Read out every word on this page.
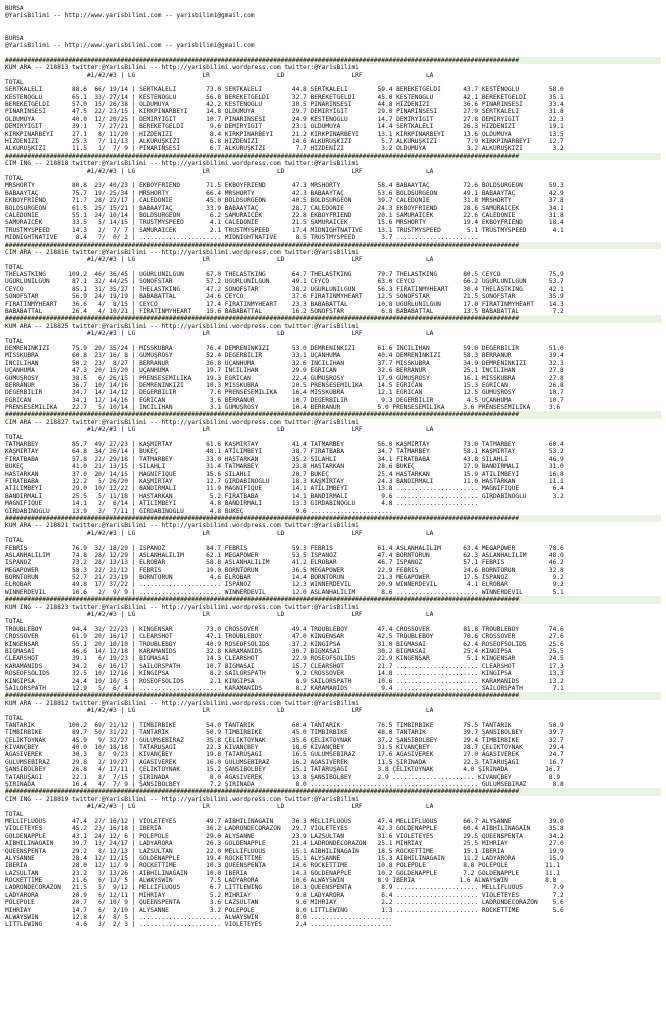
BURSA
@YarisBilimi -- http://www.yarisbilimi.com -- yarisbilimi@gmail.com
BURSA
@YarisBilimi -- http://www.yarisbilimi.com -- yarisbilimi@gmail.com
##########################################################################################################################################
KUM ARA -- 218813 twitter:@YarisBilimi -- http://yarisbilimi.wordpress.com twitter:@YarisBilimi
#1/#2/#3 | LG                  LR                  LD                  LRF                 LA
TOTAL
SERTKALELI        88.6  66/ 19/14 | SERTKALELI        73.0 SERTKALELI        44.8 SERTKALELI        59.4 BEREKETGELDI      43.7 KESTENOĞLU        58.0
KESTENOĞLU        65.1  33/ 27/14 | KESTENOĞLU        56.8 BEREKETGELDI      32.7 BEREKETGELDI      45.0 KESTENOĞLU        42.1 BEREKETGELDI      35.1
BEREKETGELDI      57.0  15/ 26/38 | OLDUMUYA          42.2 KESTENOĞLU        30.5 PINARINSESI       44.8 HIZDENİZİ         36.6 PINARINSESI       33.4
PINARINSESI       47.5  22/ 23/15 | KIRKPINARBEYI     14.8 OLDUMUYA          29.7 DEMIRYİĞİT        29.0 PINARINSESI       27.9 SERTKALELI        31.8
OLDUMUYA          40.0  12/ 20/25 | DEMIRYİĞİT        10.7 PINARINSESI       24.9 KESTENOĞLU        14.7 DEMIRYİĞİT        27.8 DEMIRYİĞİT        22.3
DEMIRYİĞİT        39.1   7/ 27/21 | BEREKETGELDI       9.6 DEMIRYİĞİT        23.1 OLDUMUYA          14.4 SERTKALELI        26.3 HIZDENİZİ         19.1
KIRKPINARBEYI     27.1   8/ 11/20 | HIZDENİZİ          8.4 KIRKPINARBEYI     21.2 KIRKPINARBEYI     13.1 KIRKPINARBEYI     13.6 OLDUMUYA          13.5
HIZDENİZİ         25.3   7/ 11/13 | ALKURUŞKIZI        6.8 HIZDENİZİ         14.6 ALKURUŞKIZI        5.7 ALKURUŞKIZI        7.9 KIRKPINARBEYI     12.7
ALKURUŞKIZI       11.5   1/  7/ 9 | PINARINSESI        6.7 ALKURUŞKIZI        7.7 HIZDENİZİ          3.2 OLDUMUYA           3.2 ALKURUŞKIZI        3.2
##########################################################################################################################################
CIM ING -- 218818 twitter:@YarisBilimi -- http://yarisbilimi.wordpress.com twitter:@YarisBilimi
#1/#2/#3 | LG                  LR                  LD                  LRF                 LA
TOTAL
MRSHORTY          80.8  23/ 40/23 | EKBOYFRIEND       71.5 EKBOYFRIEND       47.3 MRSHORTY          58.4 BABAAYTAÇ         72.6 BOLDSURGEON       59.3
BABAAYTAÇ         75.7  19/ 25/34 | MRSHORTY          66.4 MRSHORTY          42.3 BABAAYTAÇ         53.6 BOLDSURGEON       49.1 BABAAYTAÇ         42.9
EKBOYFRIEND       71.7  28/ 22/17 | CALEDONIE         45.0 BOLDSURGEON       40.5 BOLDSURGEON       39.7 CALEDONIE         31.8 MRSHORTY          37.8
BOLDSURGEON       61.5  25/ 15/21 | BABAAYTAÇ         33.9 BABAAYTAÇ         28.7 CALEDONIE         24.3 EKBOYFRIEND       28.6 SAMURAICEK        34.1
CALEDONIE         55.1  24/ 10/14 | BOLDSURGEON        6.2 SAMURAICEK        22.8 EKBOYFRIEND       20.1 SAMURAICEK        22.6 CALEDONIE         31.8
SAMURAICEK        33.5   5/ 14/15 | TRUSTMYSPEED       4.1 CALEDONIE         21.5 SAMURAICEK        15.6 MRSHORTY          19.4 EKBOYFRIEND       18.4
TRUSTMYSPEED      14.3   2/  7/ 7 | SAMURAICEK         2.1 TRUSTMYSPEED      17.4 MIDNIGHTNATIVE    13.1 TRUSTMYSPEED       5.1 TRUSTMYSPEED       4.1
MIDNIGHTNATIVE     8.4   7/  0/ 2 | ...................... MIDNIGHTNATIVE     8.5 TRUSTMYSPEED       3.7 ......................
##########################################################################################################################################
CIM ARA -- 218816 twitter:@YarisBilimi -- http://yarisbilimi.wordpress.com twitter:@YarisBilimi
#1/#2/#3 | LG                  LR                  LD                  LRF                 LA
TOTAL
THELASTKING      109.2  46/ 36/45 | UĞURLUNILGÜN      67.0 THELASTKING       64.7 THELASTKING       79.7 THELASTKING       80.5 CEYCO             75.9
UĞURLUNILGÜN      87.1  32/ 44/25 | SONOFSTAR         57.2 UĞURLUNILGÜN      49.1 CEYCO             63.0 CEYCO             66.2 UĞURLUNILGÜN      53.7
CEYCO             85.1  31/ 35/27 | THELASTKING       47.2 SONOFSTAR         38.2 UĞURLUNILGÜN      56.3 FIRATINMYHEART    30.4 THELASTKING       42.1
SONOFSTAR         56.9  24/ 19/19 | BABABATTAL        24.6 CEYCO             37.6 FIRATINMYHEART    12.5 SONOFSTAR         21.5 SONOFSTAR         35.9
FIRATINMYHEART    36.6   4/  8/15 | CEYCO             17.4 FIRATINMYHEART    23.3 BABABATTAL        10.8 UĞURLUNILGÜN      17.0 FIRATINMYHEART    14.3
BABABATTAL        26.4   4/ 10/21 | FIRATINMYHEART    15.6 BABABATTAL        16.2 SONOFSTAR          6.8 BABABATTAL        13.5 BABABATTAL         7.2
##########################################################################################################################################
KUM ARA -- 218825 twitter:@YarisBilimi -- http://yarisbilimi.wordpress.com twitter:@YarisBilimi
#1/#2/#3 | LG                  LR                  LD                  LRF                 LA
TOTAL
DEMRENINKIZI      75.9  29/ 35/24 | MISSKÜBRA         76.4 DEMRENINKIZI      53.0 DEMRENINKIZI      61.6 İNCILIHAN         59.0 DEĞERBILIR        51.0
MISSKÜBRA         60.8  23/ 16/ 8 | GÜMÜŞROSY         52.4 DEĞERBILIR        33.1 UÇANHÜMA          40.4 DEMRENINKIZI      58.3 BERRANUR          39.4
İNCILIHAN         50.2  23/  8/27 | BERRANUR          36.8 UÇANHÜMA          32.6 İNCILIHAN         37.7 MISSKÜBRA         34.9 DEMRENINKIZI      32.3
UÇANHÜMA          47.3  20/ 15/20 | UÇANHÜMA          19.7 İNCILIHAN         29.9 EĞRICAN           32.6 BERRANUR          25.1 İNCILIHAN         27.8
GÜMÜŞROSY         38.5   6/ 26/15 | PRENSESEMILIKA    19.3 EĞRICAN           22.4 GÜMÜŞROSY         17.9 GÜMÜŞROSY         16.1 MISSKÜBRA         27.8
BERRANUR          36.7  10/ 14/16 | DEMRENINKIZI      10.3 MISSKÜBRA         20.5 PRENSESEMILIKA    14.5 EĞRICAN           15.3 EĞRICAN           26.8
DEĞERBILIR        34.7  14/ 14/12 | DEĞERBILIR         7.6 PRENSESEMILIKA    16.4 MISSKÜBRA         12.1 EĞRICAN           12.5 GÜMÜŞROSY         10.7
EĞRICAN           34.1  12/ 14/16 | EĞRICAN            3.6 BERRANUR          10.7 DEĞERBILIR         9.3 DEĞERBILIR         4.5 UÇANHÜMA          10.7
PRENSESEMILIKA    22.7   5/ 10/14 | İNCILIHAN          3.1 GÜMÜŞROSY         10.4 BERRANUR          5.0 PRENSESEMILIKA     3.6 PRENSESEMILIKA     3.6
##########################################################################################################################################
CIM ARA -- 218827 twitter:@YarisBilimi -- http://yarisbilimi.wordpress.com twitter:@YarisBilimi
#1/#2/#3 | LG                  LR                  LD                  LRF                 LA
TOTAL
TATMARBEY         85.7  49/ 27/23 | KAŞMIRTAY         61.6 KAŞMIRTAY         41.4 TATMARBEY         56.0 KAŞMIRTAY         73.0 TATMARBEY         60.4
KAŞMIRTAY         64.8  34/ 26/14 | BÜKEÇ             48.1 ATILIMBEYİ        38.7 FIRATBABA         34.7 TATMARBEY         58.1 KAŞMIRTAY         53.2
FIRATBABA         57.8  22/ 29/18 | TATMARBEY         33.0 HASTARKAN         35.2 SILAHLI           34.1 FIRATBABA         43.8 SILAHLI           46.9
BÜKEÇ             41.0  21/ 13/15 | SILAHLI           31.4 TATMARBEY         23.8 HASTARKAN         28.6 BÜKEÇ             27.9 BANDIRMALI        31.0
HASTARKAN         37.0  20/ 14/15 | MAGNIFIQUE        15.6 SILAHLI           20.7 BÜKEÇ             25.4 HASTARKAN         15.9 ATILIMBEYİ        16.8
FIRATBABA         32.2   5/ 26/20 | KAŞMIRTAY         12.7 GIRDABINOĞLU      18.3 KAŞMIRTAY         24.3 BANDIRMALI        11.0 HASTARKAN         11.1
ATILIMBEYİ        29.0  10/ 12/22 | BANDIRMALI        11.9 MAGNIFIQUE        14.1 ATILIMBEYİ        13.8 ...................... MAGNIFIQUE         6.4
BANDIRMALI        25.5   5/ 11/18 | HASTARKAN          5.2 FIRATBABA         14.1 BANDIRMALI         9.6 ...................... GIRDABINOĞLU       3.2
MAGNIFIQUE        14.1   2/  6/14 | ATILIMBEYİ         4.8 BANDIRMALI        13.3 GIRDABINOĞLU       4.8 ......................
GIRDABINOĞLU      13.9   3/  7/11 | GIRDABINOĞLU       4.8 BÜKEÇ              9.6 ......................
##########################################################################################################################################
KUM ARA -- 218821 twitter:@YarisBilimi -- http://yarisbilimi.wordpress.com twitter:@YarisBilimi
#1/#2/#3 | LG                  LR                  LD                  LRF                 LA
TOTAL
FEBRIS            76.9  32/ 18/29 | İSPANOZ           84.7 FEBRIS            59.3 FEBRIS            61.4 ASLANHALİLİM      63.4 MEGAPOWER         78.6
ASLANHALİLİM      74.8  28/ 12/29 | ASLANHALİLİM      62.1 MEGAPOWER         53.5 İSPANOZ           47.4 BORNTORUN         62.3 ASLANHALİLİM      48.0
İSPANOZ           73.2  28/ 13/13 | ELROBAR           58.8 ASLANHALİLİM      41.2 ELROBAR           46.7 İSPANOZ           57.1 FEBRIS            46.2
MEGAPOWER         58.3  22/ 21/12 | FEBRIS            19.0 BORNTORUN         36.5 MEGAPOWER         22.9 FEBRIS            24.6 BORNTORUN         32.8
BORNTORUN         52.7  21/ 23/19 | BORNTORUN          4.6 ELROBAR           14.4 BORNTORUN         21.3 MEGAPOWER         17.5 İSPANOZ            9.2
ELROBAR           49.8  17/ 37/22 | ...................... İSPANOZ           12.3 WINNERDEVIL       20.9 WINNERDEVIL        4.1 ELROBAR            9.2
WINNERDEVIL       16.6   2/  9/ 9 | ...................... WINNERDEVIL       12.0 ASLANHALİLİM       8.6 ...................... WINNERDEVIL        5.1
##########################################################################################################################################
KUM ING -- 218823 twitter:@YarisBilimi -- http://yarisbilimi.wordpress.com twitter:@YarisBilimi
#1/#2/#3 | LG                  LR                  LD                  LRF                 LA
TOTAL
TROUBLEBOY        94.4  32/ 22/23 | KINGENSAR         73.0 CROSSOVER         49.4 TROUBLEBOY        47.4 CROSSOVER         81.8 TROUBLEBOY        74.6
CROSSOVER         61.9  20/ 16/17 | CLEARSHOT         47.1 TROUBLEBOY        47.0 KINGENSAR         42.5 TROUBLEBOY        70.6 CROSSOVER         27.6
KINGENSAR         55.1  20/ 10/10 | TROUBLEBOY        40.9 ROSEOFSOLIDS      37.2 KINGIPSA          31.0 BIGMASAI          62.4 ROSEOFSOLIDS      25.6
BIGMASAI          46.6  14/ 12/18 | KARAMANIDS        32.8 KARAMANIDS        30.7 BIGMASAI          30.2 BIGMASAI          25.4 KINGIPSA          25.5
CLEARSHOT         39.1   6/ 19/23 | BIGMASAI          14.3 CLEARSHOT         22.9 ROSEOFSOLIDS      22.9 KINGENSAR          5.1 KINGENSAR         24.5
KARAMANIDS        34.2   6/ 16/17 | SAILORSPATH       10.7 BIGMASAI          15.7 CLEARSHOT         21.7 ...................... CLEARSHOT         17.3
ROSEOFSOLIDS      32.5  10/ 12/16 | KINGIPSA           8.2 SAILORSPATH        9.2 CROSSOVER         14.8 ...................... KINGIPSA          13.3
KINGIPSA          24.4  10/ 10/ 5 | ROSEOFSOLIDS       2.1 KINGIPSA           8.9 SAILORSPATH       10.6 ...................... KARAMANIDS        13.2
SAILORSPATH       12.9   5/  6/ 4 | ...................... KARAMANIDS         8.2 KARAMANIDS         9.4 ...................... SAILORSPATH        7.1
##########################################################################################################################################
KUM ARA -- 218812 twitter:@YarisBilimi -- http://yarisbilimi.wordpress.com twitter:@YarisBilimi
#1/#2/#3 | LG                  LR                  LD                  LRF                 LA
TOTAL
TANTARIK         100.2  69/ 21/12 | TİMBİRBİKE        54.0 TANTARIK          60.4 TANTARIK          76.5 TİMBİRBİKE        75.5 TANTARIK          50.9
TİMBİRBİKE        89.7  50/ 31/22 | TANTARIK          50.9 TİMBİRBİKE        45.0 TİMBİRBİKE        48.0 TANTARIK          39.7 ŞANSIBOLBEY       39.7
ÇELİKTOYNAK       45.9   9/ 32/27 | GÜLÜMSEBIRAZ      35.8 ÇELİKTOYNAK       35.6 ÇELİKTOYNAK       37.2 ŞANSIBOLBEY       29.4 TİMBİRBİKE        32.7
KIVANÇBEY         40.0  10/ 18/18 | TATARUŞAĞI        22.3 KIVANÇBEY         18.6 KIVANÇBEY         31.5 KIVANÇBEY         28.7 ÇELİKTOYNAK       29.4
AĞASIVEREK        30.3   8/  9/23 | KIVANÇBEY         19.8 TATARUŞAĞI        16.5 GÜLÜMSEBIRAZ      17.6 AĞASIVEREK        27.0 AĞASIVEREK        24.7
GÜLÜMSEBIRAZ      29.8   2/ 19/27 | AĞASIVEREK        16.0 GÜLÜMSEBIRAZ      16.2 AĞASIVEREK        11.5 ŞIRINADA          22.3 TATARUŞAĞI        16.7
ŞANSIBOLBEY       26.8   4/ 17/11 | ÇELİKTOYNAK       15.2 ŞANSIBOLBEY       15.1 TATARUŞAĞI        3.8 ÇELİKTOYNAK        4.0 ŞIRINADA          16.7
TATARUŞAĞI        22.1   8/  7/15 | ŞIRINADA           8.0 AĞASIVEREK        13.8 ŞANSIBOLBEY       2.9 ...................... KIVANÇBEY          8.9
ŞIRINADA          16.4   4/  7/ 9 | ŞANSIBOLBEY        7.2 ŞIRINADA           8.0 ...................... ...................... GÜLÜMSEBIRAZ       8.8
##########################################################################################################################################
CIM ING -- 218819 twitter:@YarisBilimi -- http://yarisbilimi.wordpress.com twitter:@YarisBilimi
#1/#2/#3 | LG                  LR                  LD                  LRF                 LA
TOTAL
MELLIFLUOUS       47.4  27/ 16/12 | VIOLETEYES        49.7 AIBHILINAGAIN     36.3 MELLIFLUOUS       47.4 MELLIFLUOUS       66.7 ALYSANNE          39.0
VIOLETEYES        45.2  23/ 16/18 | IBERIA            36.2 LADRONDECORAZON   29.7 VIOLETEYES        42.3 GOLDENAPPLE       60.4 AIBHILINAGAIN     35.8
GOLDENAPPLE       43.1  24/ 12/ 6 | POLEPOLE          29.0 ALYSANNE          23.9 LAZSULTAN         31.6 VIOLETEYES        29.5 QUEENSPENTA       34.2
AIBHILINAGAIN     39.7  13/ 24/17 | LADYARORA         26.3 GOLDENAPPLE       21.4 LADRONDECORAZON   25.1 MIHRIAY           25.5 MIHRIAY           27.0
QUEENSPENTA       29.2   8/ 12/13 | LAZSULTAN         22.0 MELLIFLUOUS       15.1 AIBHILINAGAIN     18.5 ROCKETTIME        15.1 IBERIA            19.9
ALYSANNE          28.4  12/ 12/15 | GOLDENAPPLE       19.4 ROCKETTIME        15.1 ALYSANNE          15.3 AIBHILINAGAIN     11.2 LADYARORA         15.9
IBERIA            28.0  12/ 11/ 9 | ROCKETTIME        10.3 QUEENSPENTA       14.6 ROCKETTIME        10.8 POLEPOLE          8.8 POLEPOLE          11.1
LAZSULTAN         23.2   3/ 13/26 | AIBHILINAGAIN     10.0 IBERIA            14.3 GOLDENAPPLE       10.2 GOLDENAPPLE       7.2 GOLDENAPPLE       11.1
ROCKETTIME        21.6   6/ 12/ 5 | ALWAYSWIN          7.5 LADYARORA         10.6 ALWAYSWIN         8.9 IBERIA            1.6 ALWAYSWIN          8.8
LADRONDECORAZON   21.5   5/  9/12 | MELLIFLUOUS        6.7 LITTLEWING        10.3 QUEENSPENTA        8.9 ...................... MELLIFLUOUS        7.9
LADYARORA         20.9   6/ 12/11 | MIHRIAY            5.2 MIHRIAY            9.8 LADYARORA          6.4 ...................... VIOLETEYES         7.2
POLEPOLE          20.7   6/ 10/ 9 | QUEENSPENTA        3.6 LAZSULTAN          9.6 MIHRIAY            2.2 ...................... LADRONDECORAZON    5.6
MIHRIAY           14.7   6/  2/10 | ALYSANNE           3.2 POLEPOLE           8.0 LITTLEWING         1.3 ...................... ROCKETTIME         5.6
ALWAYSWIN         12.8   4/  8/ 5 | ...................... ALWAYSWIN          8.0 ......................
LITTLEWING         4.6   3/  2/ 3 | ...................... VIOLETEYES         2.4 ......................
